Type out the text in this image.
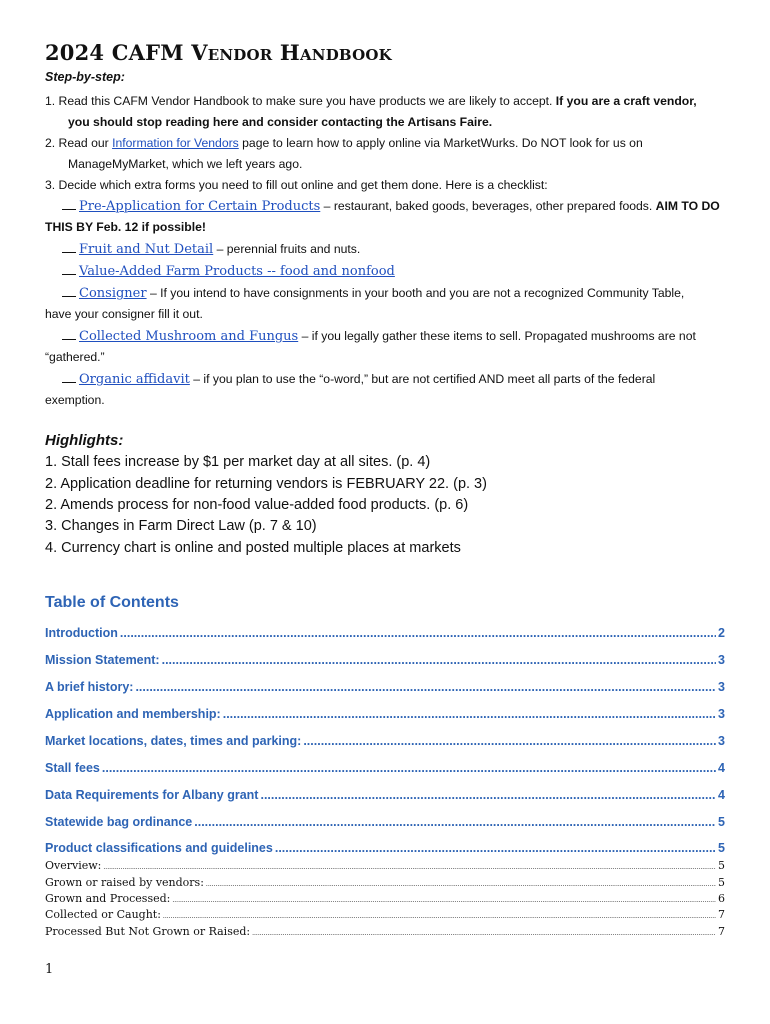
2024 CAFM Vendor Handbook
Step-by-step:
1. Read this CAFM Vendor Handbook to make sure you have products we are likely to accept. If you are a craft vendor,
you should stop reading here and consider contacting the Artisans Faire.
2. Read our Information for Vendors page to learn how to apply online via MarketWurks. Do NOT look for us on
ManageMyMarket, which we left years ago.
3. Decide which extra forms you need to fill out online and get them done. Here is a checklist:
Pre-Application for Certain Products – restaurant, baked goods, beverages, other prepared foods. AIM TO DO
THIS BY Feb. 12 if possible!
Fruit and Nut Detail – perennial fruits and nuts.
Value-Added Farm Products -- food and nonfood
Consigner – If you intend to have consignments in your booth and you are not a recognized Community Table,
have your consigner fill it out.
Collected Mushroom and Fungus – if you legally gather these items to sell. Propagated mushrooms are not
“gathered.”
Organic affidavit – if you plan to use the “o-word,” but are not certified AND meet all parts of the federal
exemption.
Highlights:
1. Stall fees increase by $1 per market day at all sites. (p. 4)
2. Application deadline for returning vendors is FEBRUARY 22. (p. 3)
2. Amends process for non-food value-added food products. (p. 6)
3. Changes in Farm Direct Law (p. 7 & 10)
4. Currency chart is online and posted multiple places at markets
Table of Contents
Introduction .....	2
Mission Statement: .....	3
A brief history: .....	3
Application and membership: .....	3
Market locations, dates, times and parking: .....	3
Stall fees .....	4
Data Requirements for Albany grant .....	4
Statewide bag ordinance .....	5
Product classifications and guidelines .....	5
Overview: .....	5
Grown or raised by vendors: .....	5
Grown and Processed: .....	6
Collected or Caught: .....	7
Processed But Not Grown or Raised: .....	7
1
